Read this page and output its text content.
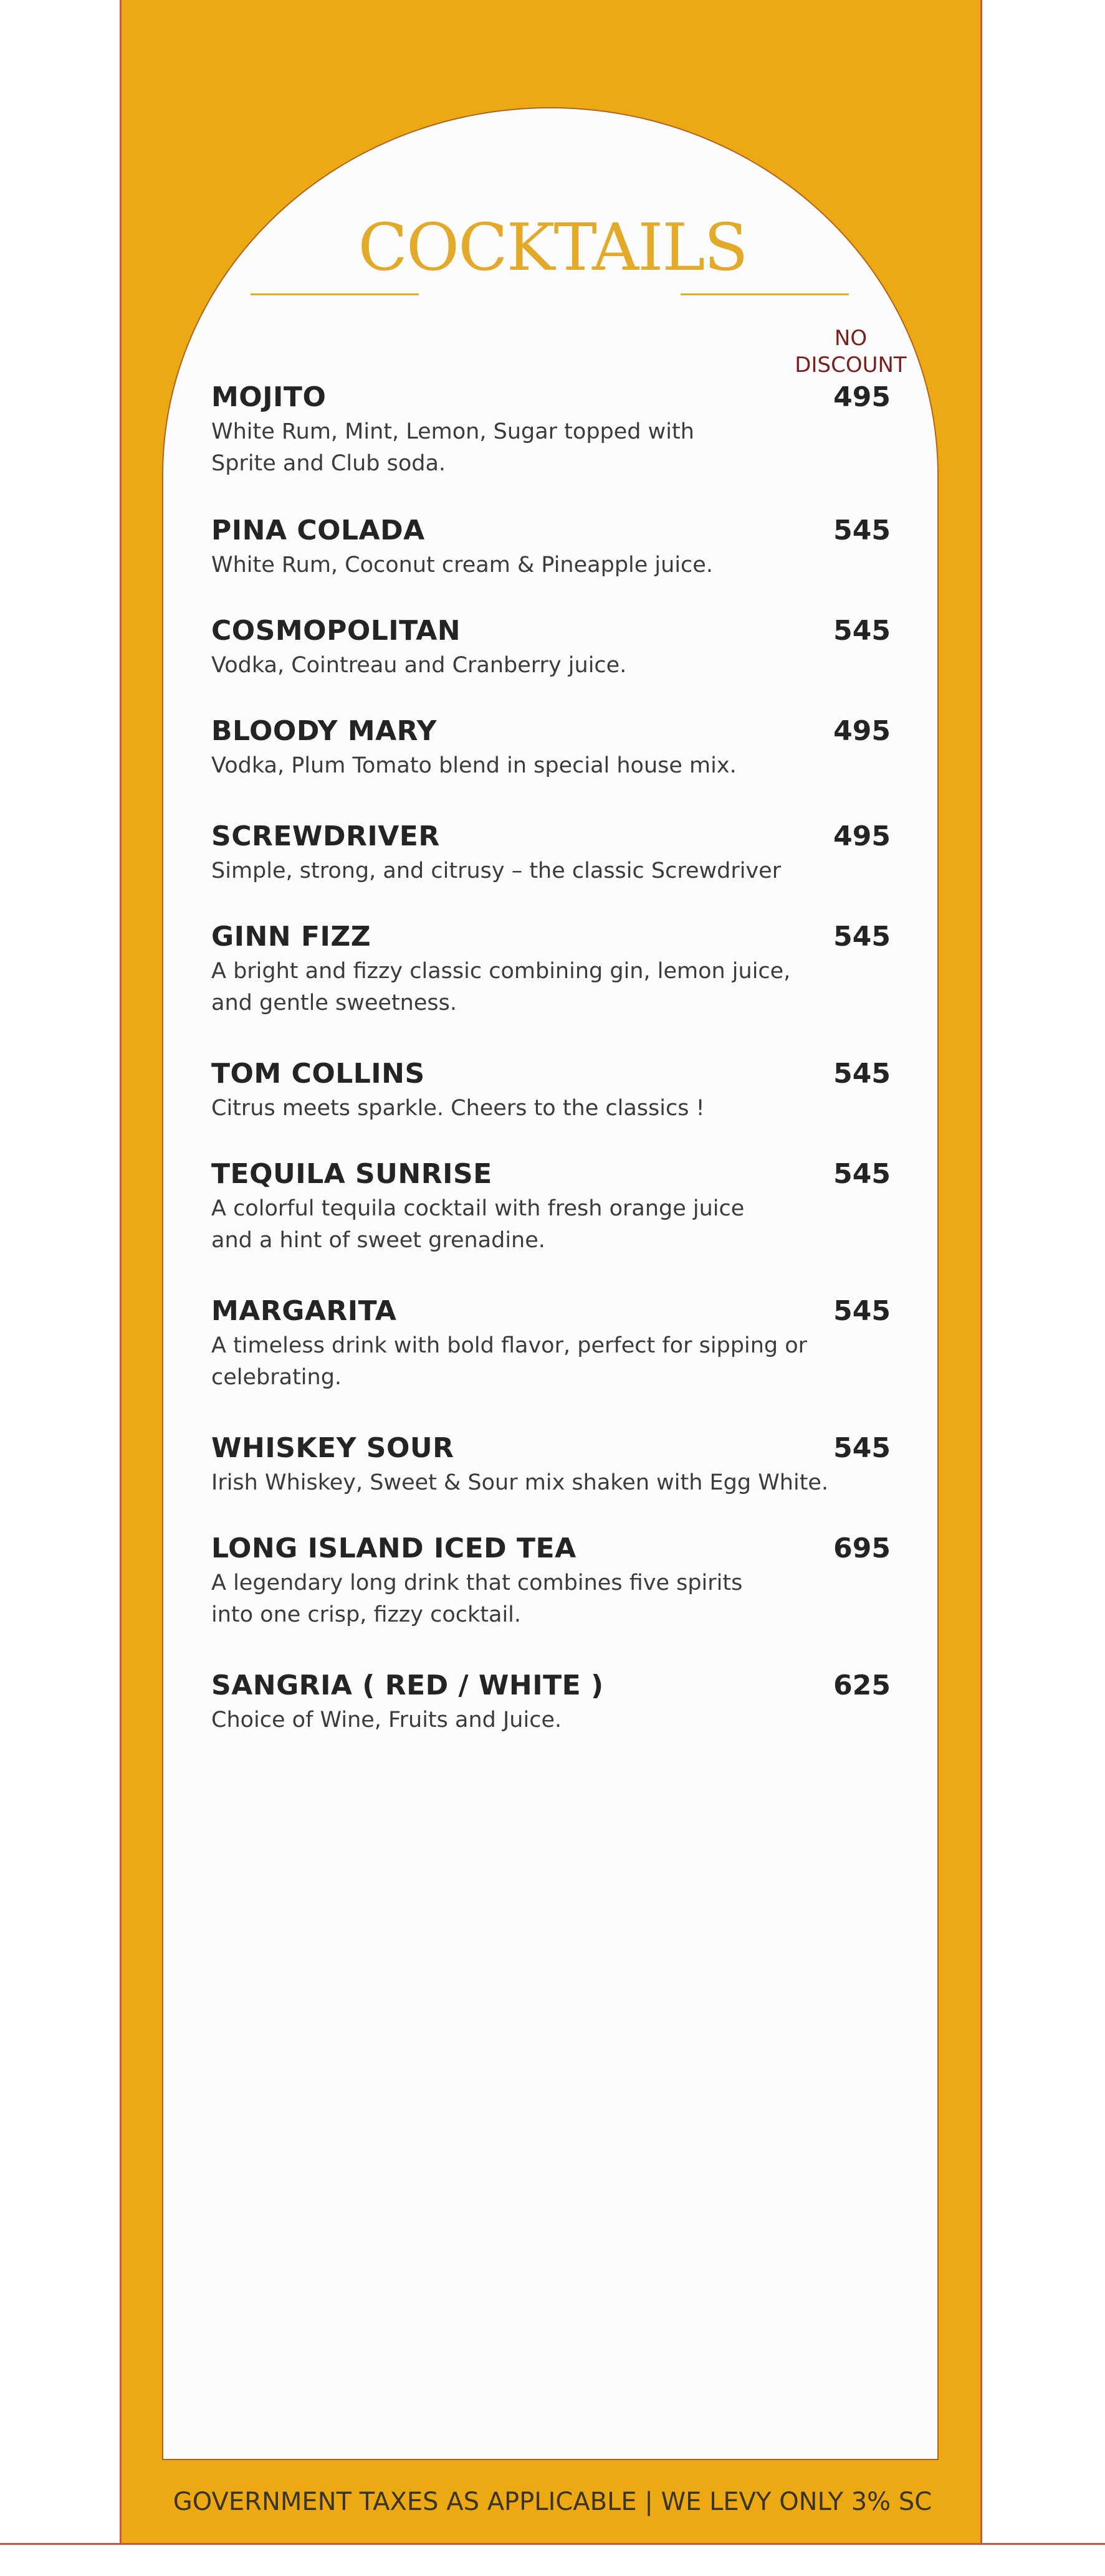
COCKTAILS
NO
DISCOUNT
MOJITO	495
White Rum, Mint, Lemon, Sugar topped with
Sprite and Club soda.
PINA COLADA	545
White Rum, Coconut cream & Pineapple juice.
COSMOPOLITAN	545
Vodka, Cointreau and Cranberry juice.
BLOODY MARY	495
Vodka, Plum Tomato blend in special house mix.
SCREWDRIVER	495
Simple, strong, and citrusy – the classic Screwdriver
GINN FIZZ	545
A bright and fizzy classic combining gin, lemon juice,
and gentle sweetness.
TOM COLLINS	545
Citrus meets sparkle. Cheers to the classics !
TEQUILA SUNRISE	545
A colorful tequila cocktail with fresh orange juice
and a hint of sweet grenadine.
MARGARITA	545
A timeless drink with bold flavor, perfect for sipping or
celebrating.
WHISKEY SOUR	545
Irish Whiskey, Sweet & Sour mix shaken with Egg White.
LONG ISLAND ICED TEA	695
A legendary long drink that combines five spirits
into one crisp, fizzy cocktail.
SANGRIA ( RED / WHITE )	625
Choice of Wine, Fruits and Juice.
GOVERNMENT TAXES AS APPLICABLE | WE LEVY ONLY 3% SC
